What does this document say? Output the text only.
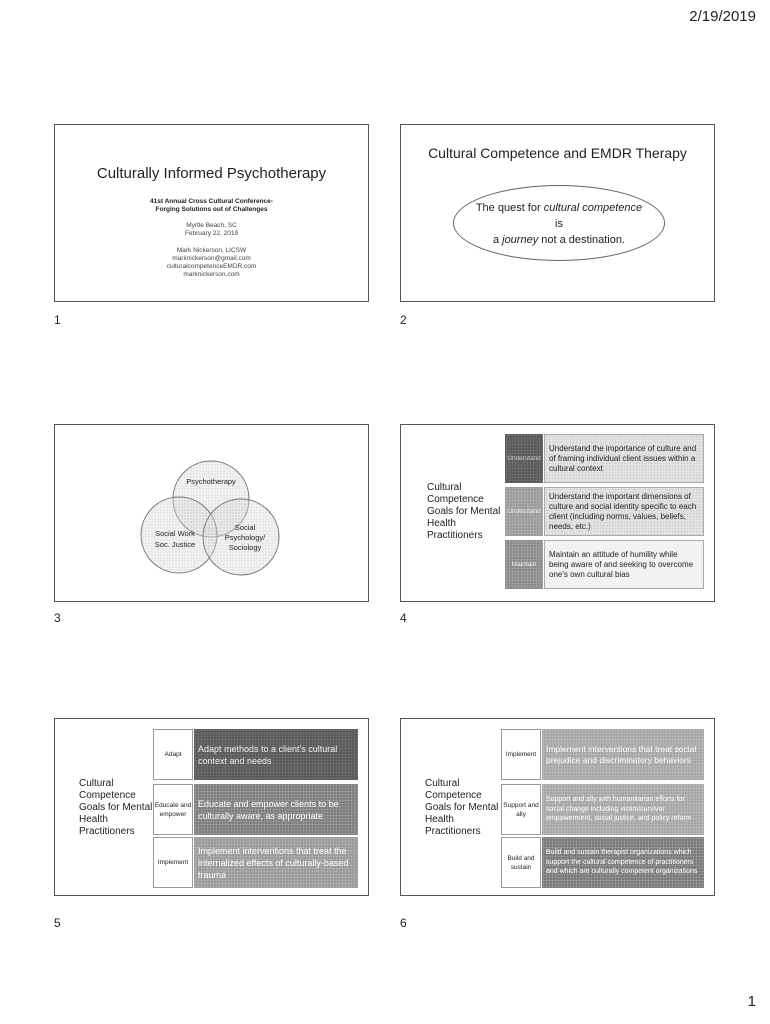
2/19/2019
Culturally Informed Psychotherapy
41st Annual Cross Cultural Conference-
Forging Solutions out of Challenges
Myrtle Beach, SC
February 22, 2019
Mark Nickerson, LICSW
marknickerson@gmail.com
culturalcompetenceEMDR.com
marknickerson.com
1
Cultural Competence and EMDR Therapy
The quest for cultural competence
is
a journey not a destination.
2
Psychotherapy
Social Work
Soc. Justice
Social
Psychology/
Sociology
3
Cultural
Competence
Goals for Mental
Health
Practitioners
Understand
Understand the importance of culture and of framing individual client issues within a cultural context
Understand
Understand the important dimensions of culture and social identity specific to each client (including norms, values, beliefs, needs, etc.)
Maintain
Maintain an attitude of humility while being aware of and seeking to overcome one's own cultural bias
4
Cultural
Competence
Goals for Mental
Health
Practitioners
Adapt
Adapt methods to a client's cultural context and needs
Educate and empower
Educate and empower clients to be culturally aware, as appropriate
Implement
Implement interventions that treat the internalized effects of culturally-based trauma
5
Cultural
Competence
Goals for Mental
Health
Practitioners
Implement
Implement interventions that treat social prejudice and discriminatory behaviors
Support and ally
Support and ally with humanitarian efforts for social change including victim/survivor empowerment, social justice, and policy reform
Build and sustain
Build and sustain therapist organizations which support the cultural competence of practitioners and which are culturally competent organizations
6
1
